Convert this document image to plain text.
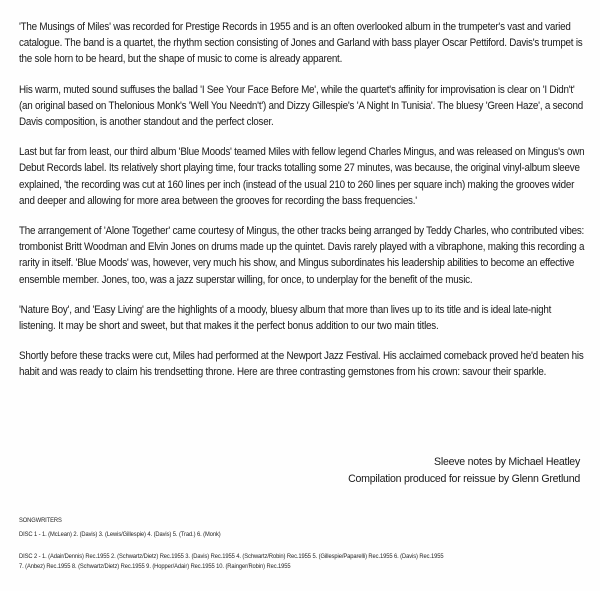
'The Musings of Miles' was recorded for Prestige Records in 1955 and is an often overlooked album in the trumpeter's vast and varied catalogue. The band is a quartet, the rhythm section consisting of Jones and Garland with bass player Oscar Pettiford. Davis's trumpet is the sole horn to be heard, but the shape of music to come is already apparent.

His warm, muted sound suffuses the ballad 'I See Your Face Before Me', while the quartet's affinity for improvisation is clear on 'I Didn't' (an original based on Thelonious Monk's 'Well You Needn't') and Dizzy Gillespie's 'A Night In Tunisia'. The bluesy 'Green Haze', a second Davis composition, is another standout and the perfect closer.

Last but far from least, our third album 'Blue Moods' teamed Miles with fellow legend Charles Mingus, and was released on Mingus's own Debut Records label. Its relatively short playing time, four tracks totalling some 27 minutes, was because, the original vinyl-album sleeve explained, 'the recording was cut at 160 lines per inch (instead of the usual 210 to 260 lines per square inch) making the grooves wider and deeper and allowing for more area between the grooves for recording the bass frequencies.'

The arrangement of 'Alone Together' came courtesy of Mingus, the other tracks being arranged by Teddy Charles, who contributed vibes: trombonist Britt Woodman and Elvin Jones on drums made up the quintet. Davis rarely played with a vibraphone, making this recording a rarity in itself. 'Blue Moods' was, however, very much his show, and Mingus subordinates his leadership abilities to become an effective ensemble member. Jones, too, was a jazz superstar willing, for once, to underplay for the benefit of the music.

'Nature Boy', and 'Easy Living' are the highlights of a moody, bluesy album that more than lives up to its title and is ideal late-night listening. It may be short and sweet, but that makes it the perfect bonus addition to our two main titles.

Shortly before these tracks were cut, Miles had performed at the Newport Jazz Festival. His acclaimed comeback proved he'd beaten his habit and was ready to claim his trendsetting throne. Here are three contrasting gemstones from his crown: savour their sparkle.

Sleeve notes by Michael Heatley
Compilation produced for reissue by Glenn Gretlund
SONGWRITERS
DISC 1 - 1. (McLean) 2. (Davis) 3. (Lewis/Gillespie) 4. (Davis) 5. (Trad.) 6. (Monk)
DISC 2 - 1. (Adair/Dennis) Rec.1955 2. (Schwartz/Dietz) Rec.1955 3. (Davis) Rec.1955 4. (Schwartz/Robin) Rec.1955 5. (Gillespie/Paparelli) Rec.1955 6. (Davis) Rec.1955
7. (Anbez) Rec.1955 8. (Schwartz/Dietz) Rec.1955 9. (Hopper/Adair) Rec.1955 10. (Rainger/Robin) Rec.1955
